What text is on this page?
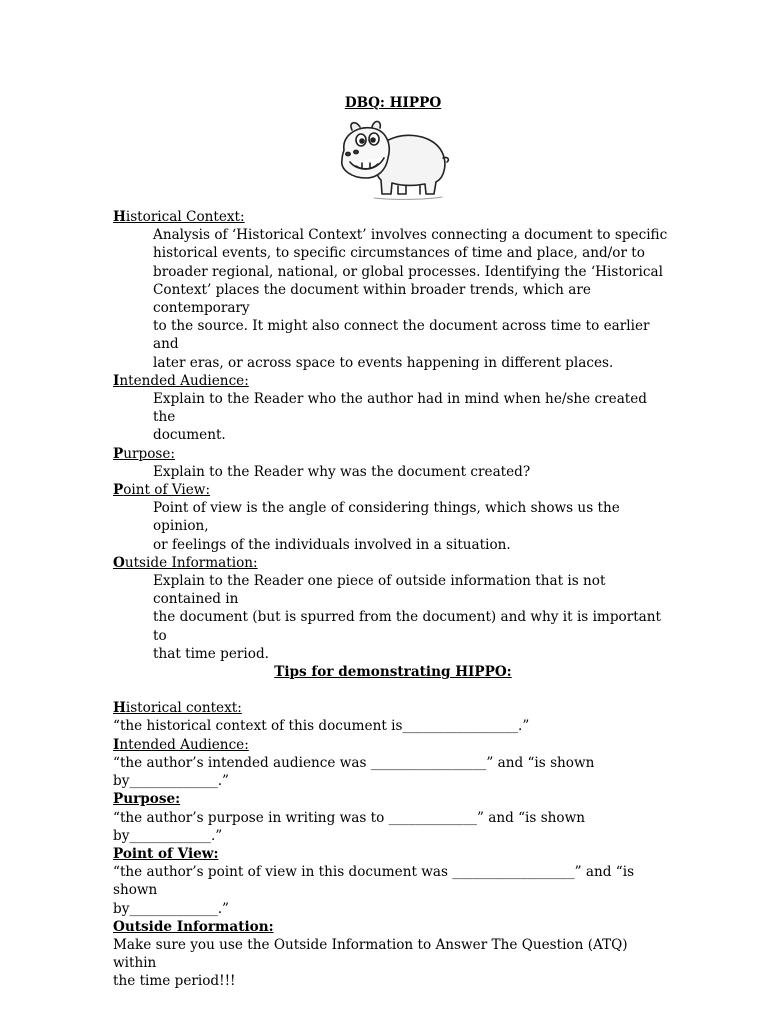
DBQ: HIPPO

Historical Context:

Analysis of ‘Historical Context’ involves connecting a document to specific
historical events, to specific circumstances of time and place, and/or to
broader regional, national, or global processes. Identifying the ‘Historical
Context’ places the document within broader trends, which are contemporary
to the source. It might also connect the document across time to earlier and
later eras, or across space to events happening in different places.

Intended Audience:

Explain to the Reader who the author had in mind when he/she created the
document.

Purpose:

Explain to the Reader why was the document created?

Point of View:

Point of view is the angle of considering things, which shows us the opinion,
or feelings of the individuals involved in a situation.

Outside Information:

Explain to the Reader one piece of outside information that is not contained in
the document (but is spurred from the document) and why it is important to
that time period.

Tips for demonstrating HIPPO:

Historical context:

“the historical context of this document is_________________.”

Intended Audience:

“the author’s intended audience was _________________” and “is shown
by_____________.”

Purpose:

“the author’s purpose in writing was to _____________” and “is shown by____________.”

Point of View:

“the author’s point of view in this document was __________________” and “is shown
by_____________.”

Outside Information:

Make sure you use the Outside Information to Answer The Question (ATQ) within
the time period!!!
